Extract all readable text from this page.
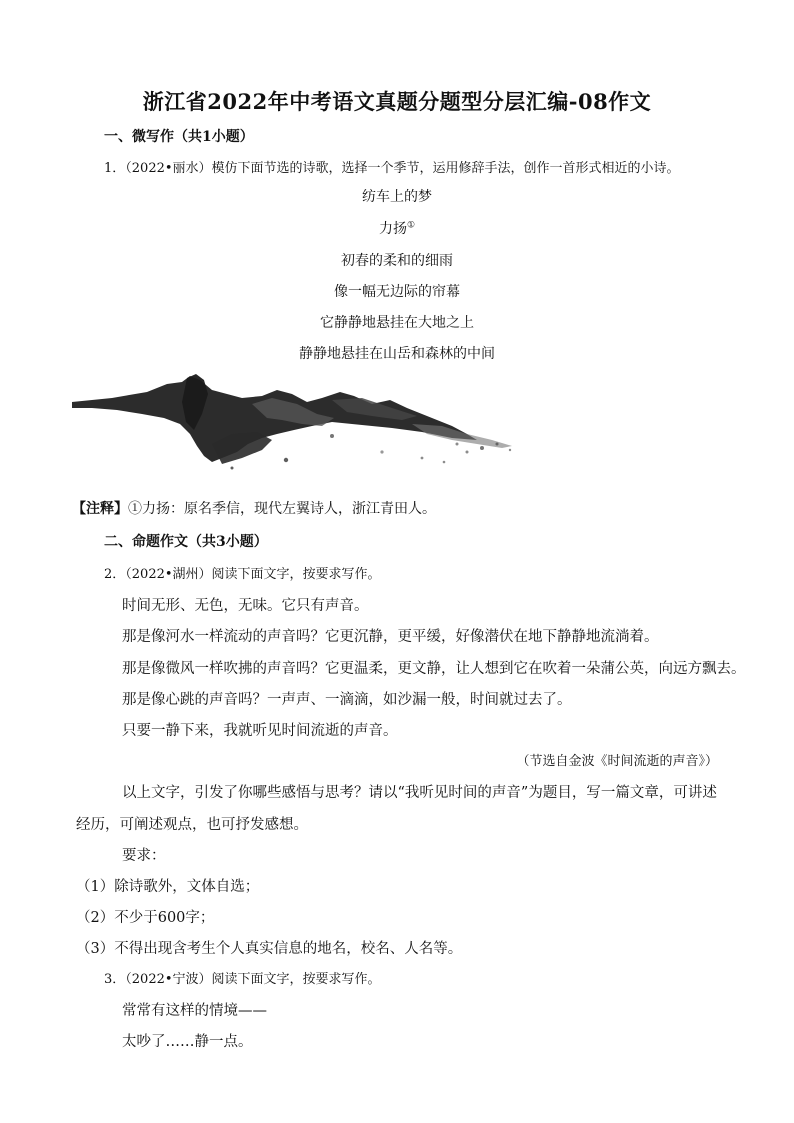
浙江省2022年中考语文真题分题型分层汇编-08作文
一、微写作（共1小题）
1．（2022•丽水）模仿下面节选的诗歌，选择一个季节，运用修辞手法，创作一首形式相近的小诗。
纺车上的梦
力扬①
初春的柔和的细雨
像一幅无边际的帘幕
它静静地悬挂在大地之上
静静地悬挂在山岳和森林的中间
【注释】①力扬：原名季信，现代左翼诗人，浙江青田人。
二、命题作文（共3小题）
2．（2022•湖州）阅读下面文字，按要求写作。
时间无形、无色，无味。它只有声音。
那是像河水一样流动的声音吗？它更沉静，更平缓，好像潜伏在地下静静地流淌着。
那是像微风一样吹拂的声音吗？它更温柔，更文静，让人想到它在吹着一朵蒲公英，向远方飘去。
那是像心跳的声音吗？一声声、一滴滴，如沙漏一般，时间就过去了。
只要一静下来，我就听见时间流逝的声音。
（节选自金波《时间流逝的声音》）
以上文字，引发了你哪些感悟与思考？请以“我听见时间的声音”为题目，写一篇文章，可讲述
经历，可阐述观点，也可抒发感想。
要求：
（1）除诗歌外，文体自选；
（2）不少于600字；
（3）不得出现含考生个人真实信息的地名，校名、人名等。
3．（2022•宁波）阅读下面文字，按要求写作。
常常有这样的情境——
太吵了……静一点。
